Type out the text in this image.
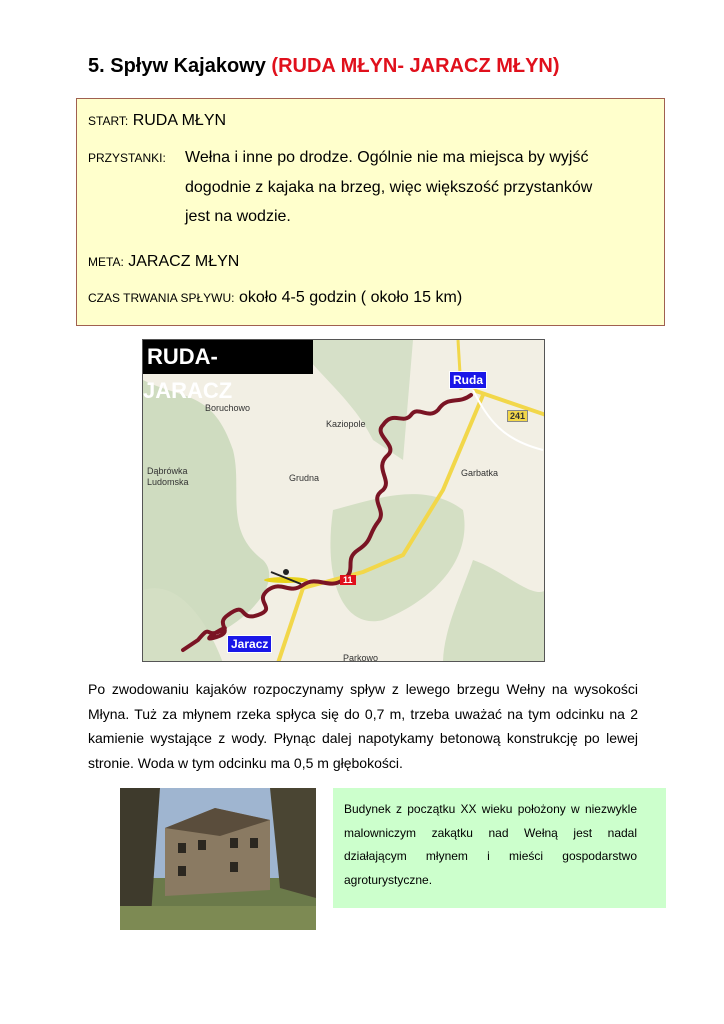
5. Spływ Kajakowy (RUDA MŁYN- JARACZ MŁYN)
START: RUDA MŁYN
PRZYSTANKI: Wełna i inne po drodze. Ogólnie nie ma miejsca by wyjść
dogodnie z kajaka na brzeg, więc większość przystanków
jest na wodzie.
META: JARACZ MŁYN
CZAS TRWANIA SPŁYWU: około 4-5 godzin ( około 15 km)
RUDA- JARACZ	Ruda
Jaracz
241
11
Boruchowo
Kaziopole
Dąbrówka
Ludomska	Grudna	Garbatka
Parkowo
Po zwodowaniu kajaków rozpoczynamy spływ z lewego brzegu Wełny na wysokości Młyna. Tuż za młynem rzeka spłyca się do 0,7 m, trzeba uważać na tym odcinku na 2 kamienie wystające z wody. Płynąc dalej napotykamy betonową konstrukcję po lewej stronie. Woda w tym odcinku ma 0,5 m głębokości.

Budynek z początku XX wieku położony w niezwykle malowniczym zakątku nad Wełną jest nadal działającym młynem i mieści gospodarstwo agroturystyczne.
